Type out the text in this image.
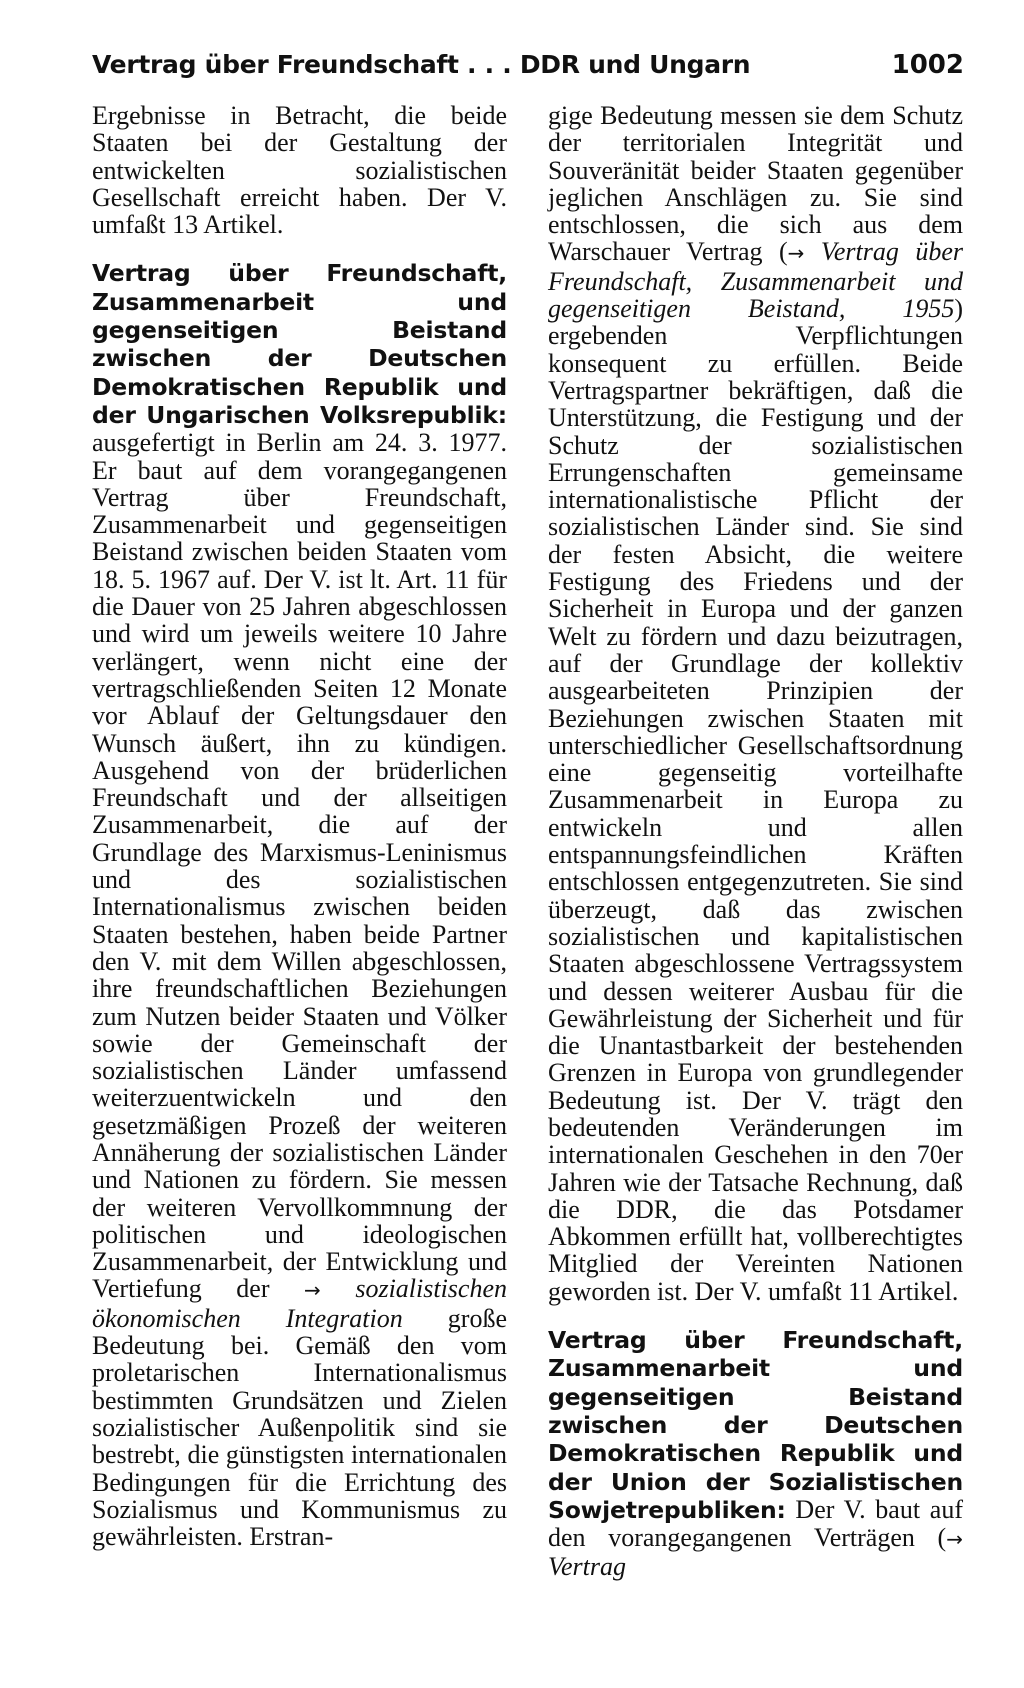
Vertrag über Freundschaft . . . DDR und Ungarn	1002

Ergebnisse in Betracht, die beide Staaten bei der Gestaltung der entwickelten sozialistischen Gesellschaft erreicht haben. Der V. umfaßt 13 Artikel.

Vertrag über Freundschaft, Zusammenarbeit und gegenseitigen Beistand zwischen der Deutschen Demokratischen Republik und der Ungarischen Volksrepublik: ausgefertigt in Berlin am 24. 3. 1977. Er baut auf dem vorangegangenen Vertrag über Freundschaft, Zusammenarbeit und gegenseitigen Beistand zwischen beiden Staaten vom 18. 5. 1967 auf. Der V. ist lt. Art. 11 für die Dauer von 25 Jahren abgeschlossen und wird um jeweils weitere 10 Jahre verlängert, wenn nicht eine der vertragschließenden Seiten 12 Monate vor Ablauf der Geltungsdauer den Wunsch äußert, ihn zu kündigen. Ausgehend von der brüderlichen Freundschaft und der allseitigen Zusammenarbeit, die auf der Grundlage des Marxismus-Leninismus und des sozialistischen Internationalismus zwischen beiden Staaten bestehen, haben beide Partner den V. mit dem Willen abgeschlossen, ihre freundschaftlichen Beziehungen zum Nutzen beider Staaten und Völker sowie der Gemeinschaft der sozialistischen Länder umfassend weiterzuentwickeln und den gesetzmäßigen Prozeß der weiteren Annäherung der sozialistischen Länder und Nationen zu fördern. Sie messen der weiteren Vervollkommnung der politischen und ideologischen Zusammenarbeit, der Entwicklung und Vertiefung der → sozialistischen ökonomischen Integration große Bedeutung bei. Gemäß den vom proletarischen Internationalismus bestimmten Grundsätzen und Zielen sozialistischer Außenpolitik sind sie bestrebt, die günstigsten internationalen Bedingungen für die Errichtung des Sozialismus und Kommunismus zu gewährleisten. Erstran-

gige Bedeutung messen sie dem Schutz der territorialen Integrität und Souveränität beider Staaten gegenüber jeglichen Anschlägen zu. Sie sind entschlossen, die sich aus dem Warschauer Vertrag (→ Vertrag über Freundschaft, Zusammenarbeit und gegenseitigen Beistand, 1955) ergebenden Verpflichtungen konsequent zu erfüllen. Beide Vertragspartner bekräftigen, daß die Unterstützung, die Festigung und der Schutz der sozialistischen Errungenschaften gemeinsame internationalistische Pflicht der sozialistischen Länder sind. Sie sind der festen Absicht, die weitere Festigung des Friedens und der Sicherheit in Europa und der ganzen Welt zu fördern und dazu beizutragen, auf der Grundlage der kollektiv ausgearbeiteten Prinzipien der Beziehungen zwischen Staaten mit unterschiedlicher Gesellschaftsordnung eine gegenseitig vorteilhafte Zusammenarbeit in Europa zu entwickeln und allen entspannungsfeindlichen Kräften entschlossen entgegenzutreten. Sie sind überzeugt, daß das zwischen sozialistischen und kapitalistischen Staaten abgeschlossene Vertragssystem und dessen weiterer Ausbau für die Gewährleistung der Sicherheit und für die Unantastbarkeit der bestehenden Grenzen in Europa von grundlegender Bedeutung ist. Der V. trägt den bedeutenden Veränderungen im internationalen Geschehen in den 70er Jahren wie der Tatsache Rechnung, daß die DDR, die das Potsdamer Abkommen erfüllt hat, vollberechtigtes Mitglied der Vereinten Nationen geworden ist. Der V. umfaßt 11 Artikel.

Vertrag über Freundschaft, Zusammenarbeit und gegenseitigen Beistand zwischen der Deutschen Demokratischen Republik und der Union der Sozialistischen Sowjetrepubliken: Der V. baut auf den vorangegangenen Verträgen (→ Vertrag
